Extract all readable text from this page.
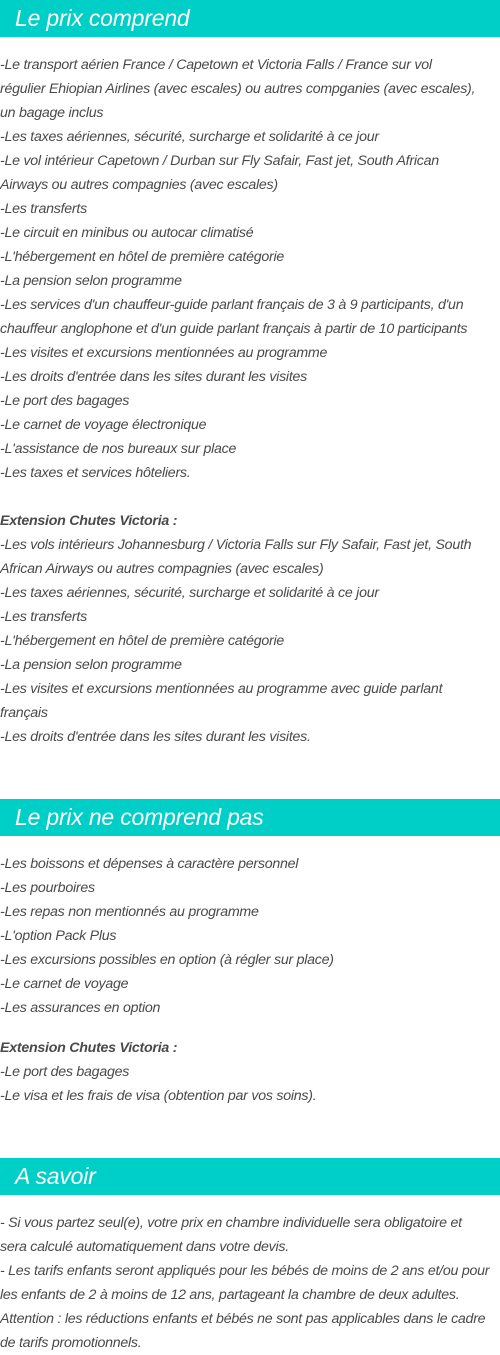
Le prix comprend
-Le transport aérien France / Capetown et Victoria Falls / France sur vol
régulier Ehiopian Airlines (avec escales) ou autres compganies (avec escales),
un bagage inclus
-Les taxes aériennes, sécurité, surcharge et solidarité à ce jour
-Le vol intérieur Capetown / Durban sur Fly Safair, Fast jet, South African
Airways ou autres compagnies (avec escales)
-Les transferts
-Le circuit en minibus ou autocar climatisé
-L'hébergement en hôtel de première catégorie
-La pension selon programme
-Les services d'un chauffeur-guide parlant français de 3 à 9 participants, d'un
chauffeur anglophone et d'un guide parlant français à partir de 10 participants
-Les visites et excursions mentionnées au programme
-Les droits d'entrée dans les sites durant les visites
-Le port des bagages
-Le carnet de voyage électronique
-L'assistance de nos bureaux sur place
-Les taxes et services hôteliers.
Extension Chutes Victoria :
-Les vols intérieurs Johannesburg / Victoria Falls sur Fly Safair, Fast jet, South
African Airways ou autres compagnies (avec escales)
-Les taxes aériennes, sécurité, surcharge et solidarité à ce jour
-Les transferts
-L'hébergement en hôtel de première catégorie
-La pension selon programme
-Les visites et excursions mentionnées au programme avec guide parlant
français
-Les droits d'entrée dans les sites durant les visites.
Le prix ne comprend pas
-Les boissons et dépenses à caractère personnel
-Les pourboires
-Les repas non mentionnés au programme
-L'option Pack Plus
-Les excursions possibles en option (à régler sur place)
-Le carnet de voyage
-Les assurances en option
Extension Chutes Victoria :
-Le port des bagages
-Le visa et les frais de visa (obtention par vos soins).
A savoir
- Si vous partez seul(e), votre prix en chambre individuelle sera obligatoire et
sera calculé automatiquement dans votre devis.
- Les tarifs enfants seront appliqués pour les bébés de moins de 2 ans et/ou pour
les enfants de 2 à moins de 12 ans, partageant la chambre de deux adultes.
Attention : les réductions enfants et bébés ne sont pas applicables dans le cadre
de tarifs promotionnels.
